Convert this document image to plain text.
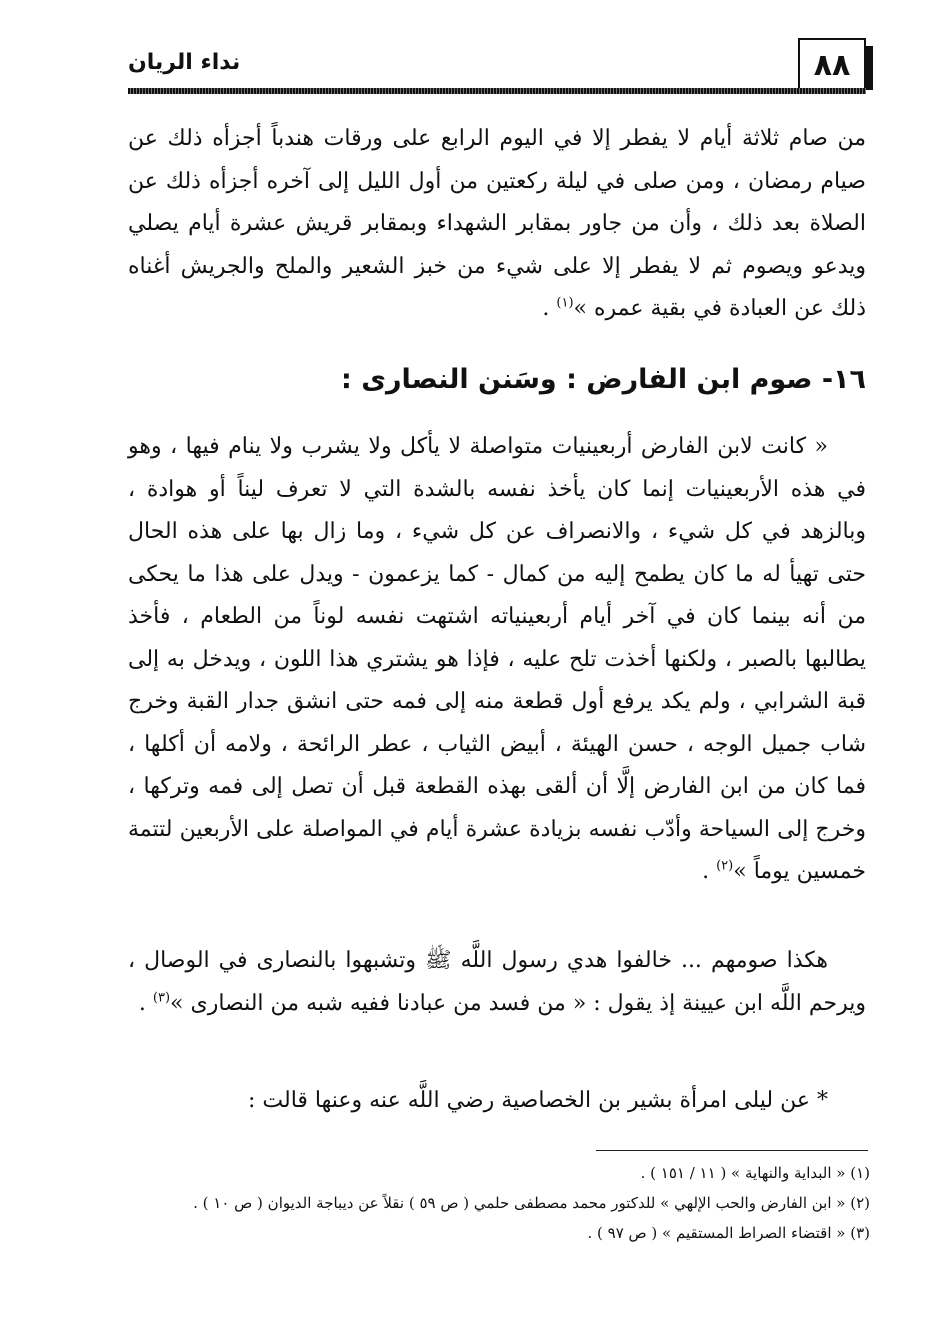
٨٨
نداء الريان

من صام ثلاثة أيام لا يفطر إلا في اليوم الرابع على ورقات هندباً أجزأه ذلك عن صيام رمضان ، ومن صلى في ليلة ركعتين من أول الليل إلى آخره أجزأه ذلك عن الصلاة بعد ذلك ، وأن من جاور بمقابر الشهداء وبمقابر قريش عشرة أيام يصلي ويدعو ويصوم ثم لا يفطر إلا على شيء من خبز الشعير والملح والجريش أغناه ذلك عن العبادة في بقية عمره »$^{(١)}$ .

١٦- صوم ابن الفارض : وسَنن النصارى :

« كانت لابن الفارض أربعينيات متواصلة لا يأكل ولا يشرب ولا ينام فيها ، وهو في هذه الأربعينيات إنما كان يأخذ نفسه بالشدة التي لا تعرف ليناً أو هوادة ، وبالزهد في كل شيء ، والانصراف عن كل شيء ، وما زال بها على هذه الحال حتى تهيأ له ما كان يطمح إليه من كمال - كما يزعمون - ويدل على هذا ما يحكى من أنه بينما كان في آخر أيام أربعينياته اشتهت نفسه لوناً من الطعام ، فأخذ يطالبها بالصبر ، ولكنها أخذت تلح عليه ، فإذا هو يشتري هذا اللون ، ويدخل به إلى قبة الشرابي ، ولم يكد يرفع أول قطعة منه إلى فمه حتى انشق جدار القبة وخرج شاب جميل الوجه ، حسن الهيئة ، أبيض الثياب ، عطر الرائحة ، ولامه أن أكلها ، فما كان من ابن الفارض إلَّا أن ألقى بهذه القطعة قبل أن تصل إلى فمه وتركها ، وخرج إلى السياحة وأدّب نفسه بزيادة عشرة أيام في المواصلة على الأربعين لتتمة خمسين يوماً »$^{(٢)}$ .

هكذا صومهم ... خالفوا هدي رسول اللَّه ﷺ وتشبهوا بالنصارى في الوصال ، ويرحم اللَّه ابن عيينة إذ يقول : « من فسد من عبادنا ففيه شبه من النصارى »$^{(٣)}$ .

* عن ليلى امرأة بشير بن الخصاصية رضي اللَّه عنه وعنها قالت :

(١) « البداية والنهاية » ( ١١ / ١٥١ ) .
(٢) « ابن الفارض والحب الإلهي » للدكتور محمد مصطفى حلمي ( ص ٥٩ ) نقلاً عن ديباجة الديوان ( ص ١٠ ) .
(٣) « اقتضاء الصراط المستقيم » ( ص ٩٧ ) .
